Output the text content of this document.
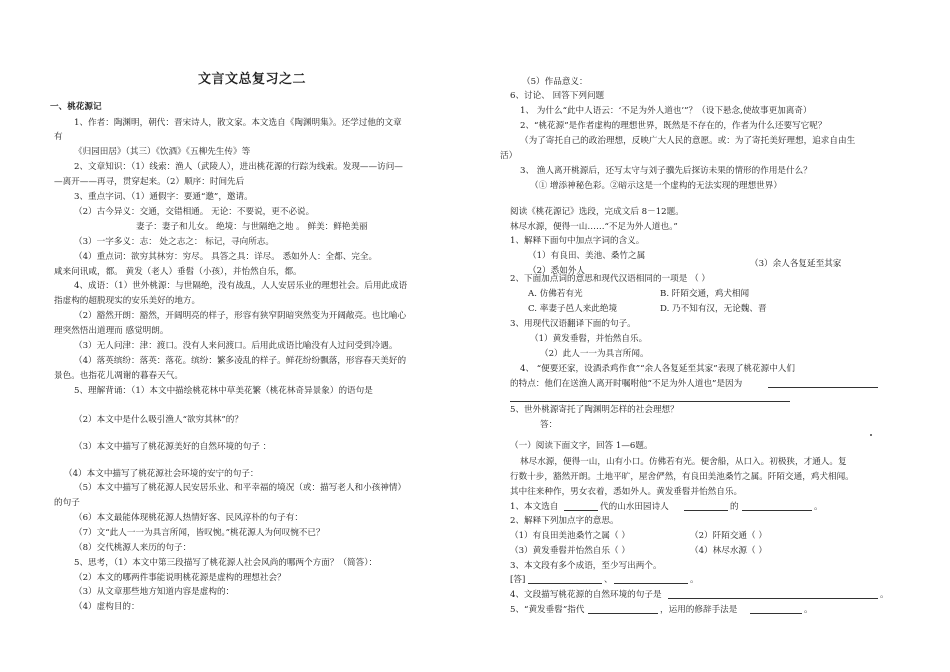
文言文总复习之二
一、桃花源记
1、作者：陶渊明，朝代：晋宋诗人，散文家。本文选自《陶渊明集》。还学过他的文章
有
《归园田居》（其三）《饮酒》《五柳先生传》等
2、文章知识：（1）线索：渔人（武陵人），进出桃花源的行踪为线索。发现——访问—
—离开——再寻，贯穿起来。（2）顺序：时间先后
3、重点字词、（1）通假字：要通“邀”，邀请。
（2）古今异义：交通，交错相通。 无论：不要说，更不必说。
妻子：妻子和儿女。 绝境：与世隔绝之地 。 鲜美：鲜艳美丽
（3）一字多义：志： 处之志之： 标记，寻向所志。
（4）重点词：欲穷其林穷：穷尽。 具答之具：详尽。 悉如外人：全都、完全。
咸来问讯咸，都。 黄发（老人）垂髫（小孩），并怡然自乐，都。
4、成语：（1）世外桃源：与世隔绝，没有战乱，人人安居乐业的理想社会。后用此成语
指虚构的超脱现实的安乐美好的地方。
（2）豁然开朗：豁然，开阔明亮的样子，形容有狭窄阴暗突然变为开阔敞亮。也比喻心
理突然悟出道理而 感觉明朗。
（3）无人问津：津：渡口。没有人来问渡口。后用此成语比喻没有人过问受到冷遇。
（4）落英缤纷：落英：落花。缤纷：繁多凌乱的样子。鲜花纷纷飘落，形容春天美好的
景色。也指花儿凋谢的暮春天气。
5、理解背诵：（1）本文中描绘桃花林中草美花繁（桃花林奇异景象）的语句是
（2）本文中是什么吸引渔人“欲穷其林”的？
（3）本文中描写了桃花源美好的自然环境的句子 ：
（4）本文中描写了桃花源社会环境的安宁的句子：
（5）本文中描写了桃花源人民安居乐业、和平幸福的境况（或：描写老人和小孩神情）
的句子
（6）本文最能体现桃花源人热情好客、民风淳朴的句子有：
（7）文“此人一一为具言所闻，皆叹惋。”桃花源人为何叹惋不已？
（8）交代桃源人来历的句子：
5、思考，（1）本文中第三段描写了桃花源人社会风尚的哪两个方面？（简答）：
（2）本文的哪两件事能说明桃花源是虚构的理想社会？
（3）从文章那些地方知道内容是虚构的：
（4）虚构目的：
（5）作品意义：
6、讨论、 回答下列问题
1、 为什么“此中人语云：‘不足为外人道也’”？（设下悬念,使故事更加离奇）
2、“桃花源”是作者虚构的理想世界，既然是不存在的，作者为什么还要写它呢？
（为了寄托自己的政治理想，反映广大人民的意愿。或：为了寄托美好理想，追求自由生
活）
3、 渔人离开桃源后，还写太守与刘子骥先后探访未果的情形的作用是什么？
（① 增添神秘色彩。②暗示这是一个虚构的无法实现的理想世界）
阅读《桃花源记》选段，完成文后 8－12题。
林尽水源，便得一山……“不足为外人道也。”
1、解释下面句中加点字词的含义。
（1）有良田、美池、桑竹之属
（2）悉如外人
（3）余人各复延至其家
2、下面加点词的意思和现代汉语相同的一项是 （ ）
A. 仿佛若有光	B. 阡陌交通，鸡犬相闻
C. 率妻子邑人来此绝境	D. 乃不知有汉，无论魏、晋
3、用现代汉语翻译下面的句子。
（1）黄发垂髫，并怡然自乐。
（2）此人一一为具言所闻。
4、 “便要还家，设酒杀鸡作食”“余人各复延至其家”表现了桃花源中人们
的特点：他们在送渔人离开时嘱咐他“不足为外人道也”是因为
5、世外桃源寄托了陶渊明怎样的社会理想？
答：
（一）阅读下面文字，回答 1—6题。
林尽水源，便得一山，山有小口。仿佛若有光。便舍船，从口入。初极狭，才通人。复
行数十步，豁然开朗。土地平旷，屋舍俨然，有良田美池桑竹之属。阡陌交通，鸡犬相闻。
其中往来种作，男女衣着，悉如外人。黄发垂髫并怡然自乐。
1、本文选自	代的山水田园诗人	的	。
2、解释下列加点字的意思。
（1）有良田美池桑竹之属（ ）	（2）阡陌交通（ ）
（3）黄发垂髫并怡然自乐（ ）	（4）林尽水源（ ）
3、本文段有多个成语，至少写出两个。
[答]	、	。
4、文段描写桃花源的自然环境的句子是	。
5、“黄发垂髫”指代	，运用的修辞手法是	。
